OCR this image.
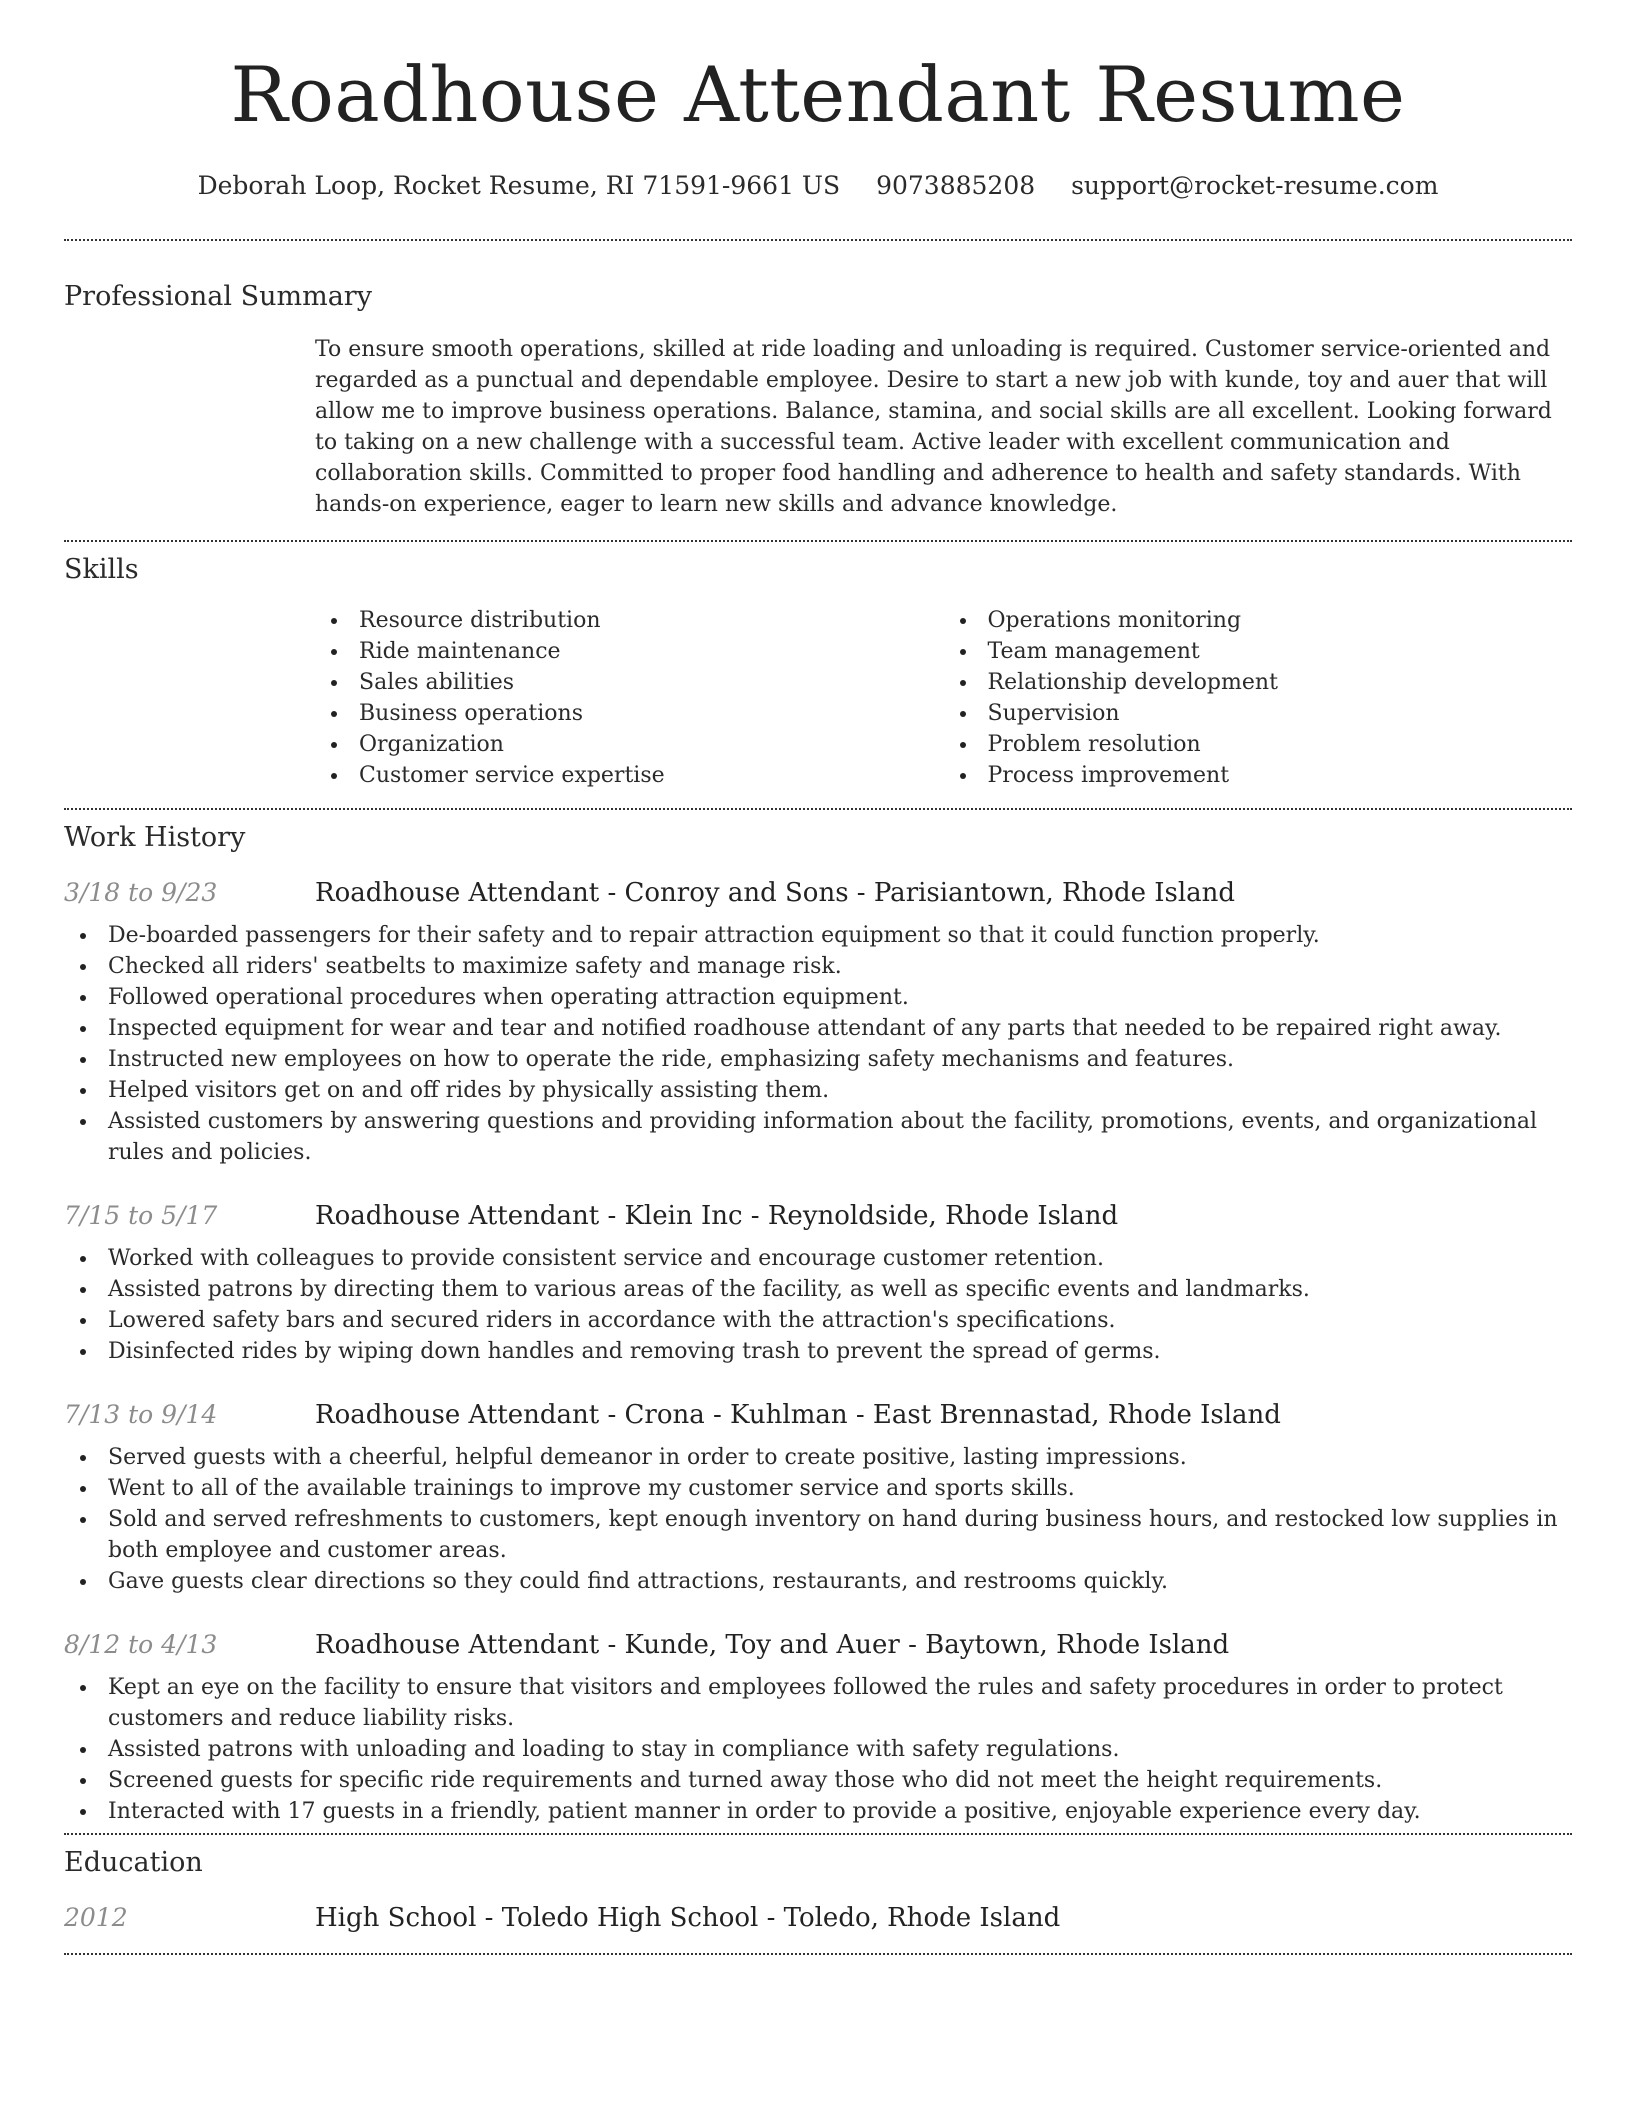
Roadhouse Attendant Resume
Deborah Loop, Rocket Resume, RI 71591-9661 US 9073885208 support@rocket-resume.com
Professional Summary
To ensure smooth operations, skilled at ride loading and unloading is required. Customer service-oriented and regarded as a punctual and dependable employee. Desire to start a new job with kunde, toy and auer that will allow me to improve business operations. Balance, stamina, and social skills are all excellent. Looking forward to taking on a new challenge with a successful team. Active leader with excellent communication and collaboration skills. Committed to proper food handling and adherence to health and safety standards. With hands-on experience, eager to learn new skills and advance knowledge.
Skills
Resource distribution
Ride maintenance
Sales abilities
Business operations
Organization
Customer service expertise
Operations monitoring
Team management
Relationship development
Supervision
Problem resolution
Process improvement
Work History
3/18 to 9/23	Roadhouse Attendant - Conroy and Sons - Parisiantown, Rhode Island
De-boarded passengers for their safety and to repair attraction equipment so that it could function properly.
Checked all riders' seatbelts to maximize safety and manage risk.
Followed operational procedures when operating attraction equipment.
Inspected equipment for wear and tear and notified roadhouse attendant of any parts that needed to be repaired right away.
Instructed new employees on how to operate the ride, emphasizing safety mechanisms and features.
Helped visitors get on and off rides by physically assisting them.
Assisted customers by answering questions and providing information about the facility, promotions, events, and organizational rules and policies.
7/15 to 5/17	Roadhouse Attendant - Klein Inc - Reynoldside, Rhode Island
Worked with colleagues to provide consistent service and encourage customer retention.
Assisted patrons by directing them to various areas of the facility, as well as specific events and landmarks.
Lowered safety bars and secured riders in accordance with the attraction's specifications.
Disinfected rides by wiping down handles and removing trash to prevent the spread of germs.
7/13 to 9/14	Roadhouse Attendant - Crona - Kuhlman - East Brennastad, Rhode Island
Served guests with a cheerful, helpful demeanor in order to create positive, lasting impressions.
Went to all of the available trainings to improve my customer service and sports skills.
Sold and served refreshments to customers, kept enough inventory on hand during business hours, and restocked low supplies in both employee and customer areas.
Gave guests clear directions so they could find attractions, restaurants, and restrooms quickly.
8/12 to 4/13	Roadhouse Attendant - Kunde, Toy and Auer - Baytown, Rhode Island
Kept an eye on the facility to ensure that visitors and employees followed the rules and safety procedures in order to protect customers and reduce liability risks.
Assisted patrons with unloading and loading to stay in compliance with safety regulations.
Screened guests for specific ride requirements and turned away those who did not meet the height requirements.
Interacted with 17 guests in a friendly, patient manner in order to provide a positive, enjoyable experience every day.
Education
2012	High School - Toledo High School - Toledo, Rhode Island
